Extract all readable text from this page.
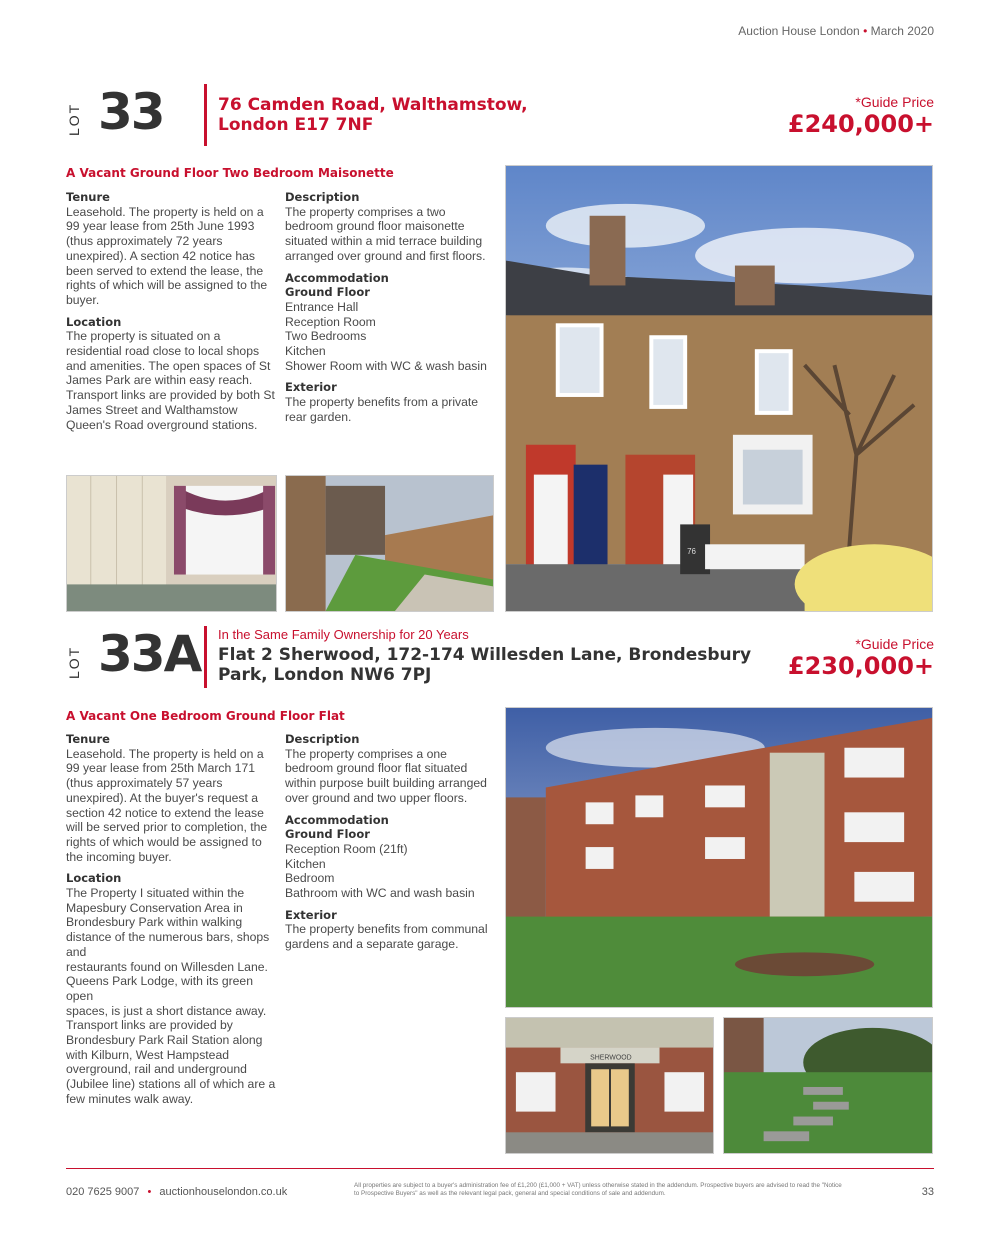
Auction House London • March 2020
LOT 33	76 Camden Road, Walthamstow,
London E17 7NF
*Guide Price
£240,000+
A Vacant Ground Floor Two Bedroom Maisonette
Tenure

Leasehold. The property is held on a 99 year lease from 25th June 1993 (thus approximately 72 years unexpired). A section 42 notice has been served to extend the lease, the rights of which will be assigned to the buyer.

Location

The property is situated on a residential road close to local shops and amenities. The open spaces of St James Park are within easy reach. Transport links are provided by both St James Street and Walthamstow Queen's Road overground stations.

Description

The property comprises a two bedroom ground floor maisonette situated within a mid terrace building arranged over ground and first floors.

Accommodation
Ground Floor
Entrance Hall
Reception Room
Two Bedrooms
Kitchen
Shower Room with WC & wash basin
Exterior

The property benefits from a private rear garden.

76
LOT 33A In the Same Family Ownership for 20 Years
Flat 2 Sherwood, 172-174 Willesden Lane, Brondesbury
Park, London NW6 7PJ
*Guide Price
£230,000+
A Vacant One Bedroom Ground Floor Flat
Tenure

Leasehold. The property is held on a 99 year lease from 25th March 171 (thus approximately 57 years unexpired). At the buyer's request a section 42 notice to extend the lease will be served prior to completion, the rights of which would be assigned to the incoming buyer.

Location

The Property I situated within the Mapesbury Conservation Area in Brondesbury Park within walking distance of the numerous bars, shops and
restaurants found on Willesden Lane. Queens Park Lodge, with its green open
spaces, is just a short distance away. Transport links are provided by Brondesbury Park Rail Station along with Kilburn, West Hampstead overground, rail and underground (Jubilee line) stations all of which are a few minutes walk away.

Description

The property comprises a one bedroom ground floor flat situated within purpose built building arranged over ground and two upper floors.

Accommodation
Ground Floor
Reception Room (21ft)
Kitchen
Bedroom
Bathroom with WC and wash basin
Exterior

The property benefits from communal gardens and a separate garage.

SHERWOOD
020 7625 9007 • auctionhouselondon.co.uk
All properties are subject to a buyer's administration fee of £1,200 (£1,000 + VAT) unless otherwise stated in the addendum. Prospective buyers are advised to read the "Notice to Prospective Buyers" as well as the relevant legal pack, general and special conditions of sale and addendum.	33
